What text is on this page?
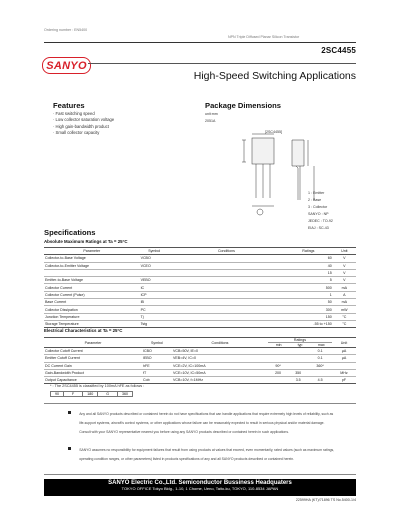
Ordering number : EN5400
NPN Triple Diffused Planar Silicon Transistor
2SC4455
SANYO
High-Speed Switching Applications
Features
· Fast switching speed
· Low collector saturation voltage
· High gain-bandwidth product
· Small collector capacity
Package Dimensions
unit:mm
2051A
[2SC4455]
1 : Emitter
2 : Base
3 : Collector
SANYO : NP
JEDEC : TO-92
EIAJ : SC-43
Specifications
Absolute Maximum Ratings at Ta = 25°C
Parameter	Symbol	Conditions	Ratings	Unit
Collector-to-Base Voltage	VCBO		60	V
Collector-to-Emitter Voltage	VCEO		40	V
			15	V
Emitter-to-Base Voltage	VEBO		5	V
Collector Current	IC		500	mA
Collector Current (Pulse)	ICP		1	A
Base Current	IB		50	mA
Collector Dissipation	PC		300	mW
Junction Temperature	Tj		150	°C
Storage Temperature	Tstg		-55 to +150	°C
Electrical Characteristics at Ta = 25°C
Parameter	Symbol	Conditions	Ratings
min typ max			Unit
Collector Cutoff Current	ICBO	VCB=50V, IE=0			0.1	µA
Emitter Cutoff Current	IEBO	VEB=4V, IC=0			0.1	µA
DC Current Gain	hFE	VCE=2V, IC=100mA	90*		360*	
Gain-Bandwidth Product	fT	VCE=10V, IC=50mA	200	350		MHz
Output Capacitance	Cob	VCB=10V, f=1MHz		3.5	4.5	pF
* : The 2SC4455 is classified by 100mA hFE as follows :
90	F	180	G	360
Any and all SANYO products described or contained herein do not have specifications that can handle applications that require extremely high levels of reliability, such as life-support systems, aircraft's control systems, or other applications whose failure can be reasonably expected to result in serious physical and/or material damage. Consult with your SANYO representative nearest you before using any SANYO products described or contained herein in such applications.
SANYO assumes no responsibility for equipment failures that result from using products at values that exceed, even momentarily, rated values (such as maximum ratings, operating condition ranges, or other parameters) listed in products specifications of any and all SANYO products described or contained herein.
SANYO Electric Co.,Ltd. Semiconductor Bussiness Headquaters
TOKYO OFFICE Tokyo Bldg., 1-10, 1 Chome, Ueno, Taito-ku, TOKYO, 110-8534 JAPAN
22599HA (KT)/71896 TS No.5400-1/4
